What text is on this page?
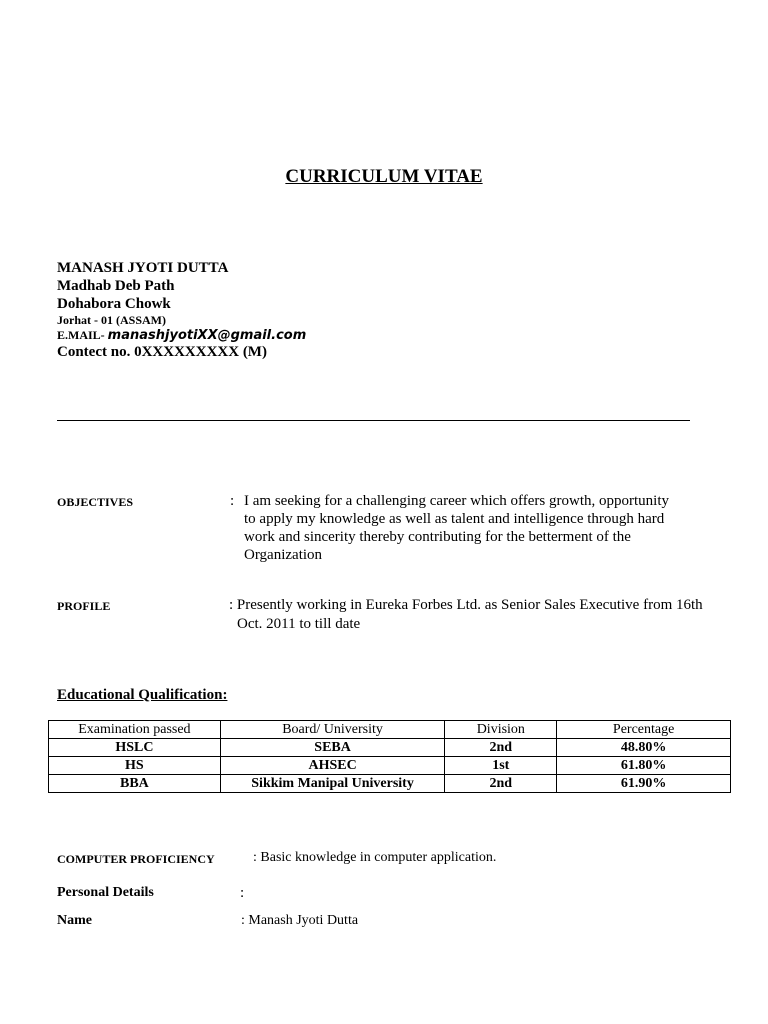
CURRICULUM VITAE
MANASH JYOTI DUTTA
Madhab Deb Path
Dohabora Chowk
Jorhat - 01 (ASSAM)
E.MAIL- manashjyotiXX@gmail.com
Contect no. 0XXXXXXXXX (M)
OBJECTIVES	: I am seeking for a challenging career which offers growth, opportunity
to apply my knowledge as well as talent and intelligence through hard
work and sincerity thereby contributing for the betterment of the
Organization
PROFILE	: Presently working in Eureka Forbes Ltd. as Senior Sales Executive from 16th
Oct. 2011 to till date
Educational Qualification:
Examination passed	Board/ University	Division	Percentage
HSLC	SEBA	2nd	48.80%
HS	AHSEC	1st	61.80%
BBA	Sikkim Manipal University	2nd	61.90%
COMPUTER PROFICIENCY	: Basic knowledge in computer application.
Personal Details	:
Name	: Manash Jyoti Dutta
